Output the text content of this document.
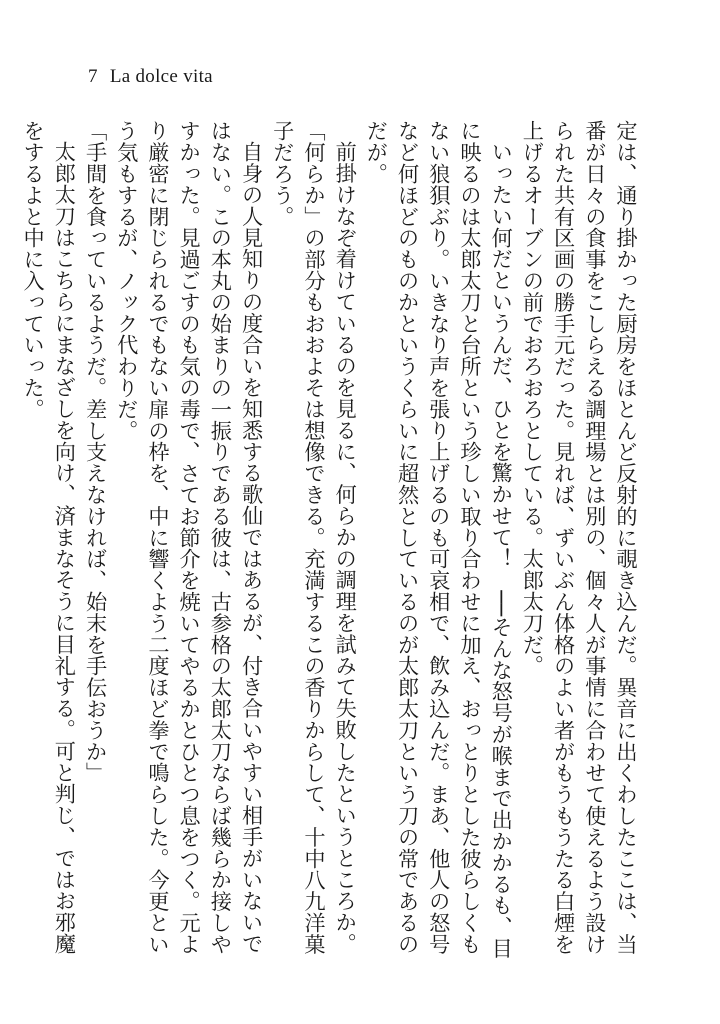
7 La dolce vita

定は、通り掛かった厨房をほとんど反射的に覗き込んだ。異音に出くわしたここは、当番が日々の食事をこしらえる調理場とは別の、個々人が事情に合わせて使えるよう設けられた共有区画の勝手元だった。見れば、ずいぶん体格のよい者がもうもうたる白煙を上げるオーブンの前でおろおろとしている。太郎太刀だ。

いったい何だというんだ、ひとを驚かせて！　──そんな怒号が喉まで出かかるも、目に映るのは太郎太刀と台所という珍しい取り合わせに加え、おっとりとした彼らしくもない狼狽ぶり。いきなり声を張り上げるのも可哀相で、飲み込んだ。まあ、他人の怒号など何ほどのものかというくらいに超然としているのが太郎太刀という刀の常であるのだが。

前掛けなぞ着けているのを見るに、何らかの調理を試みて失敗したというところか。「何らか」の部分もおおよそは想像できる。充満するこの香りからして、十中八九洋菓子だろう。

自身の人見知りの度合いを知悉する歌仙ではあるが、付き合いやすい相手がいないではない。この本丸の始まりの一振りである彼は、古参格の太郎太刀ならば幾らか接しやすかった。見過ごすのも気の毒で、さてお節介を焼いてやるかとひとつ息をつく。元より厳密に閉じられるでもない扉の枠を、中に響くよう二度ほど拳で鳴らした。今更という気もするが、ノック代わりだ。

「手間を食っているようだ。差し支えなければ、始末を手伝おうか」

太郎太刀はこちらにまなざしを向け、済まなそうに目礼する。可と判じ、ではお邪魔をするよと中に入っていった。
